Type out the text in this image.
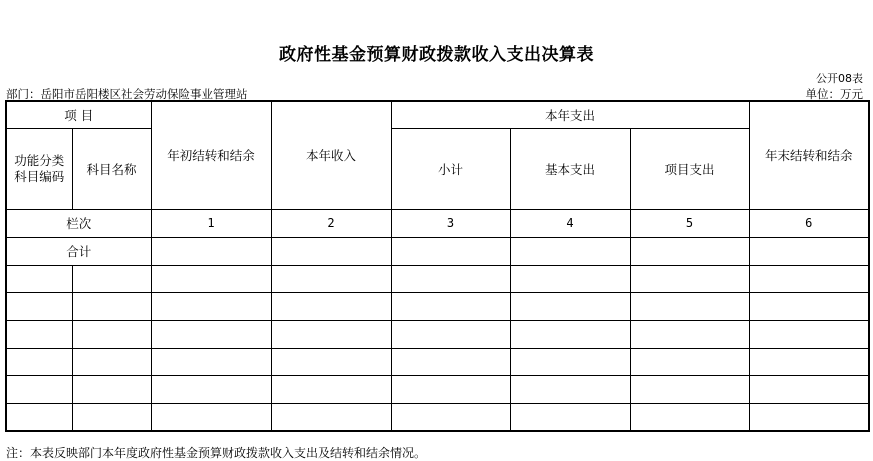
政府性基金预算财政拨款收入支出决算表
公开08表
部门：岳阳市岳阳楼区社会劳动保险事业管理站	单位：万元
项 目		年初结转和结余	本年收入	本年支出			年末结转和结余
功能分类科目编码	科目名称			小计	基本支出	项目支出	

栏次		1	2	3	4	5	6
合计							

注：本表反映部门本年度政府性基金预算财政拨款收入支出及结转和结余情况。
